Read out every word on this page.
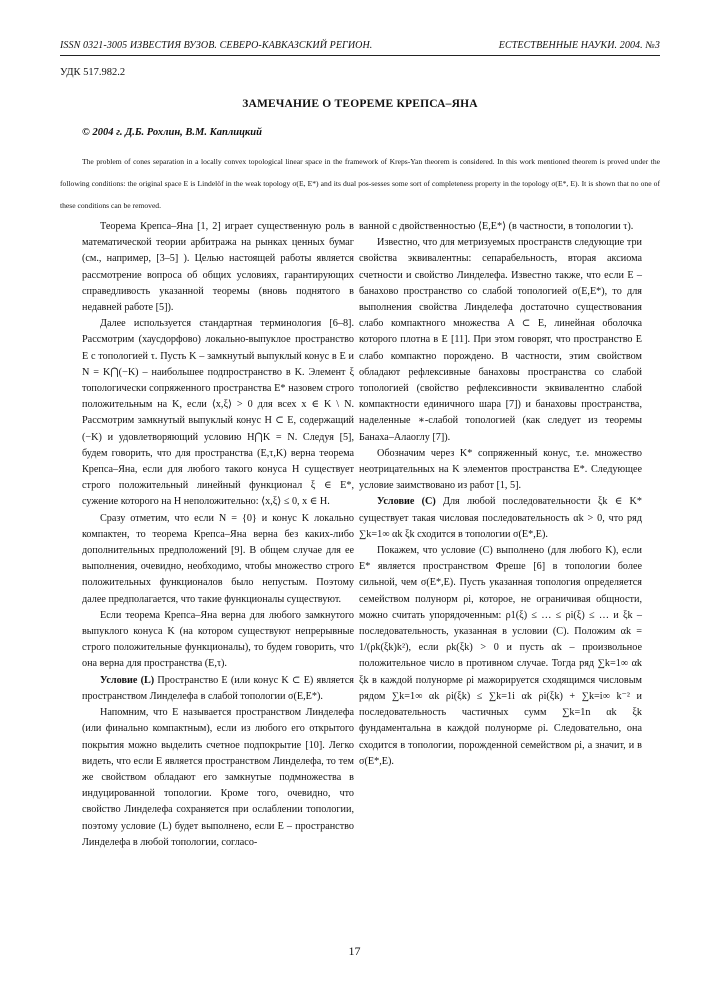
ISSN 0321-3005 ИЗВЕСТИЯ ВУЗОВ. СЕВЕРО-КАВКАЗСКИЙ РЕГИОН.	ЕСТЕСТВЕННЫЕ НАУКИ. 2004. №3
УДК 517.982.2
ЗАМЕЧАНИЕ О ТЕОРЕМЕ КРЕПСА–ЯНА
© 2004 г. Д.Б. Рохлин, В.М. Каплицкий
The problem of cones separation in a locally convex topological linear space in the framework of Kreps-Yan theorem is considered. In this work mentioned theorem is proved under the following conditions: the original space E is Lindelöf in the weak topology σ(E, E*) and its dual pos-sesses some sort of completeness property in the topology σ(E*, E). It is shown that no one of these conditions can be removed.

Теорема Крепса–Яна [1, 2] играет существенную роль в математической теории арбитража на рынках ценных бумаг (см., например, [3–5] ). Целью настоящей работы является рассмотрение вопроса об общих условиях, гарантирующих справедливость указанной теоремы (вновь поднятого в недавней работе [5]).

Далее используется стандартная терминология [6–8]. Рассмотрим (хаусдорфово) локально-выпуклое пространство E с топологией τ. Пусть K – замкнутый выпуклый конус в E и N = K⋂(−K) – наибольшее подпространство в K. Элемент ξ топологически сопряженного пространства E* назовем строго положительным на K, если ⟨x,ξ⟩ > 0 для всех x ∈ K \ N. Рассмотрим замкнутый выпуклый конус H ⊂ E, содержащий (−K) и удовлетворяющий условию H⋂K = N. Следуя [5], будем говорить, что для пространства (E,τ,K) верна теорема Крепса–Яна, если для любого такого конуса H существует строго положительный линейный функционал ξ ∈ E*, сужение которого на H неположительно: ⟨x,ξ⟩ ≤ 0, x ∈ H.

Сразу отметим, что если N = {0} и конус K локально компактен, то теорема Крепса–Яна верна без каких-либо дополнительных предположений [9]. В общем случае для ее выполнения, очевидно, необходимо, чтобы множество строго положительных функционалов было непустым. Поэтому далее предполагается, что такие функционалы существуют.

Если теорема Крепса–Яна верна для любого замкнутого выпуклого конуса K (на котором существуют непрерывные строго положительные функционалы), то будем говорить, что она верна для пространства (E,τ).

Условие (L) Пространство E (или конус K ⊂ E) является пространством Линделефа в слабой топологии σ(E,E*).

Напомним, что E называется пространством Линделефа (или финально компактным), если из любого его открытого покрытия можно выделить счетное подпокрытие [10]. Легко видеть, что если E является пространством Линделефа, то тем же свойством обладают его замкнутые подмножества в индуцированной топологии. Кроме того, очевидно, что свойство Линделефа сохраняется при ослаблении топологии, поэтому условие (L) будет выполнено, если E – пространство Линделефа в любой топологии, согласо-

ванной с двойственностью ⟨E,E*⟩ (в частности, в топологии τ).

Известно, что для метризуемых пространств следующие три свойства эквивалентны: сепарабельность, вторая аксиома счетности и свойство Линделефа. Известно также, что если E – банахово пространство со слабой топологией σ(E,E*), то для выполнения свойства Линделефа достаточно существования слабо компактного множества A ⊂ E, линейная оболочка которого плотна в E [11]. При этом говорят, что пространство E слабо компактно порождено. В частности, этим свойством обладают рефлексивные банаховы пространства со слабой топологией (свойство рефлексивности эквивалентно слабой компактности единичного шара [7]) и банаховы пространства, наделенные ∗-слабой топологией (как следует из теоремы Банаха–Алаоглу [7]).

Обозначим через K* сопряженный конус, т.е. множество неотрицательных на K элементов пространства E*. Следующее условие заимствовано из работ [1, 5].

Условие (С) Для любой последовательности ξk ∈ K* существует такая числовая последовательность αk > 0, что ряд ∑k=1∞ αk ξk сходится в топологии σ(E*,E).

Покажем, что условие (С) выполнено (для любого K), если E* является пространством Фреше [6] в топологии более сильной, чем σ(E*,E). Пусть указанная топология определяется семейством полунорм ρi, которое, не ограничивая общности, можно считать упорядоченным: ρ1(ξ) ≤ … ≤ ρi(ξ) ≤ … и ξk – последовательность, указанная в условии (С). Положим αk = 1/(ρk(ξk)k²), если ρk(ξk) > 0 и пусть αk – произвольное положительное число в противном случае. Тогда ряд ∑k=1∞ αk ξk в каждой полунорме ρi мажорируется сходящимся числовым рядом ∑k=1∞ αk ρi(ξk) ≤ ∑k=1i αk ρi(ξk) + ∑k=i∞ k⁻² и последовательность частичных сумм ∑k=1n αk ξk фундаментальна в каждой полунорме ρi. Следовательно, она сходится в топологии, порожденной семейством ρi, а значит, и в σ(E*,E).

17
